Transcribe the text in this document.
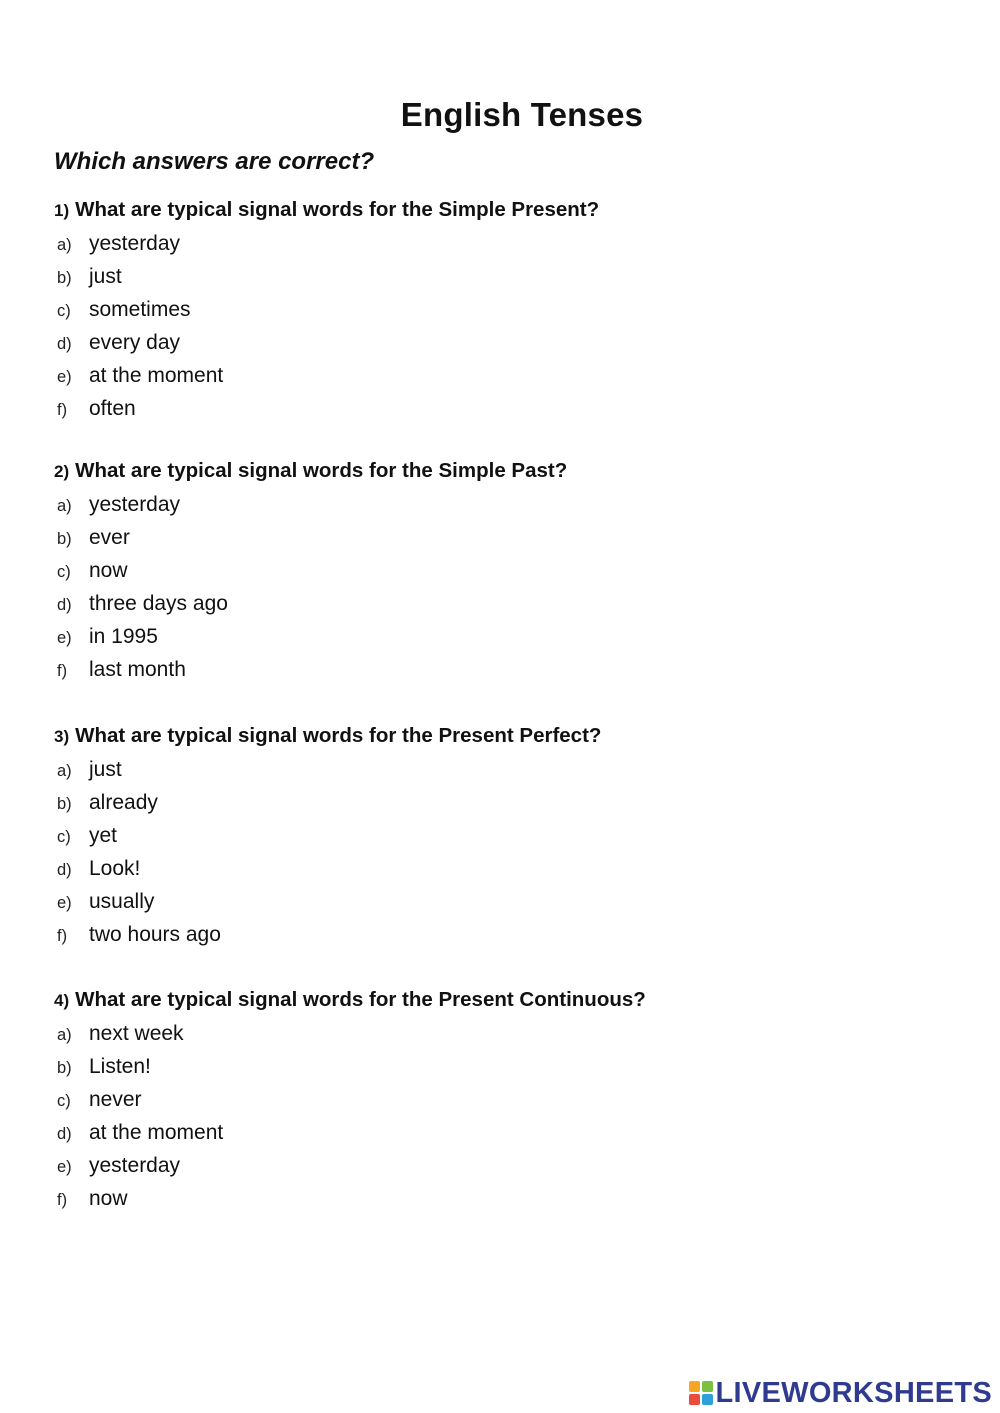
English Tenses
Which answers are correct?
1) What are typical signal words for the Simple Present?
a) yesterday
b) just
c) sometimes
d) every day
e) at the moment
f)	often
2) What are typical signal words for the Simple Past?
a) yesterday
b) ever
c) now
d) three days ago
e) in 1995
f)	last month
3) What are typical signal words for the Present Perfect?
a) just
b) already
c) yet
d) Look!
e) usually
f)	two hours ago
4) What are typical signal words for the Present Continuous?
a) next week
b) Listen!
c) never
d) at the moment
e) yesterday
f)	now
LIVEWORKSHEETS
